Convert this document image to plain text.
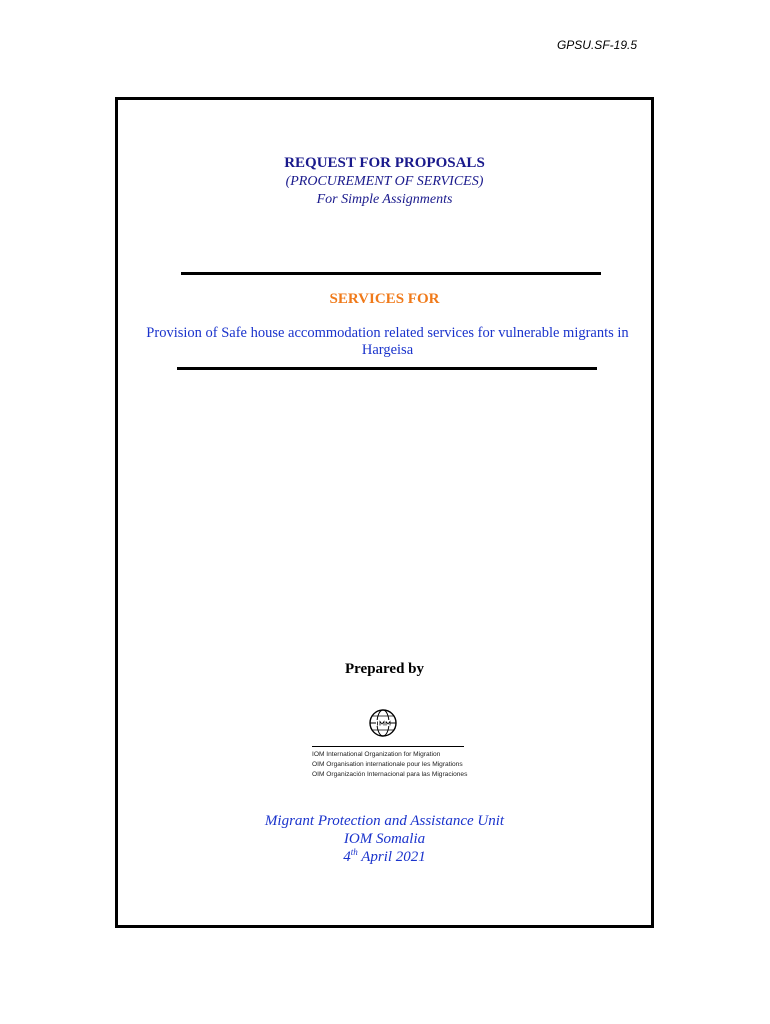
GPSU.SF-19.5
REQUEST FOR PROPOSALS
(PROCUREMENT OF SERVICES)
For Simple Assignments
SERVICES FOR
Provision of Safe house accommodation related services for vulnerable migrants in Hargeisa
Prepared by
IOM International Organization for Migration
OIM Organisation internationale pour les Migrations
OIM Organización Internacional para las Migraciones
Migrant Protection and Assistance Unit
IOM Somalia
4th April 2021
